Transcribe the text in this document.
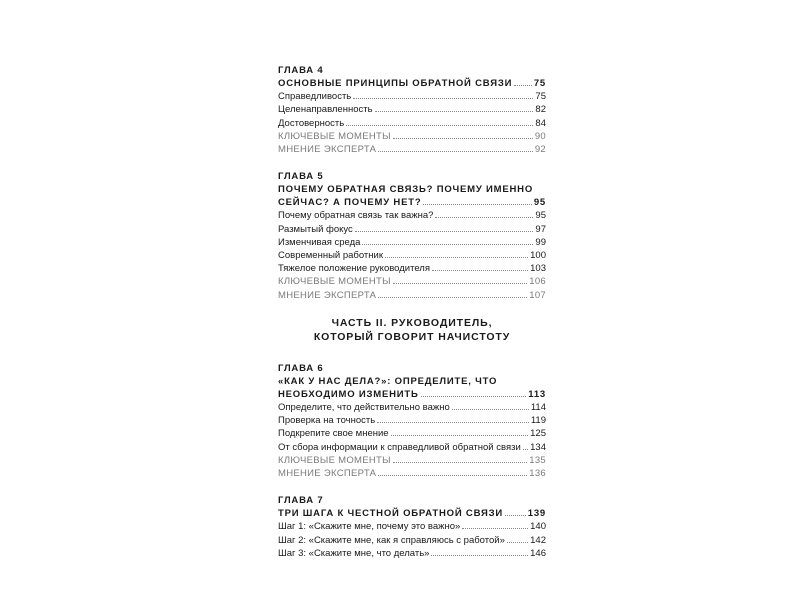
ГЛАВА 4

ОСНОВНЫЕ ПРИНЦИПЫ ОБРАТНОЙ СВЯЗИ 75
Справедливость	75
Целенаправленность	82
Достоверность	84
КЛЮЧЕВЫЕ МОМЕНТЫ	90
МНЕНИЕ ЭКСПЕРТА	92

ГЛАВА 5

ПОЧЕМУ ОБРАТНАЯ СВЯЗЬ? ПОЧЕМУ ИМЕННО

СЕЙЧАС? А ПОЧЕМУ НЕТ?	95
Почему обратная связь так важна?	95
Размытый фокус	97
Изменчивая среда	99
Современный работник	100
Тяжелое положение руководителя	103
КЛЮЧЕВЫЕ МОМЕНТЫ	106
МНЕНИЕ ЭКСПЕРТА	107
ЧАСТЬ II. РУКОВОДИТЕЛЬ,
КОТОРЫЙ ГОВОРИТ НАЧИСТОТУ

ГЛАВА 6

«КАК У НАС ДЕЛА?»: ОПРЕДЕЛИТЕ, ЧТО

НЕОБХОДИМО ИЗМЕНИТЬ	113
Определите, что действительно важно	114
Проверка на точность	119
Подкрепите свое мнение	125
От сбора информации к справедливой обратной связи 134
КЛЮЧЕВЫЕ МОМЕНТЫ	135
МНЕНИЕ ЭКСПЕРТА	136

ГЛАВА 7

ТРИ ШАГА К ЧЕСТНОЙ ОБРАТНОЙ СВЯЗИ	139
Шаг 1: «Скажите мне, почему это важно»	140
Шаг 2: «Скажите мне, как я справляюсь с работой»	142
Шаг 3: «Скажите мне, что делать»	146
